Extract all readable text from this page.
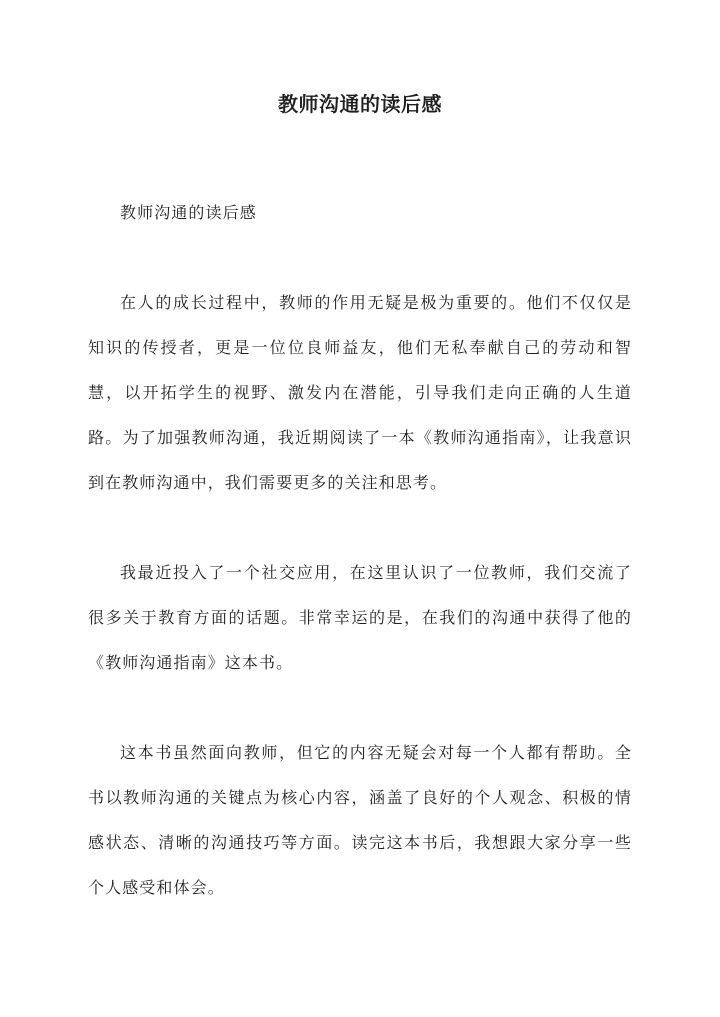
教师沟通的读后感

教师沟通的读后感

在人的成长过程中，教师的作用无疑是极为重要的。他们不仅仅是知识的传授者，更是一位位良师益友，他们无私奉献自己的劳动和智慧，以开拓学生的视野、激发内在潜能，引导我们走向正确的人生道路。为了加强教师沟通，我近期阅读了一本《教师沟通指南》，让我意识到在教师沟通中，我们需要更多的关注和思考。

我最近投入了一个社交应用，在这里认识了一位教师，我们交流了很多关于教育方面的话题。非常幸运的是，在我们的沟通中获得了他的《教师沟通指南》这本书。

这本书虽然面向教师，但它的内容无疑会对每一个人都有帮助。全书以教师沟通的关键点为核心内容，涵盖了良好的个人观念、积极的情感状态、清晰的沟通技巧等方面。读完这本书后，我想跟大家分享一些个人感受和体会。
